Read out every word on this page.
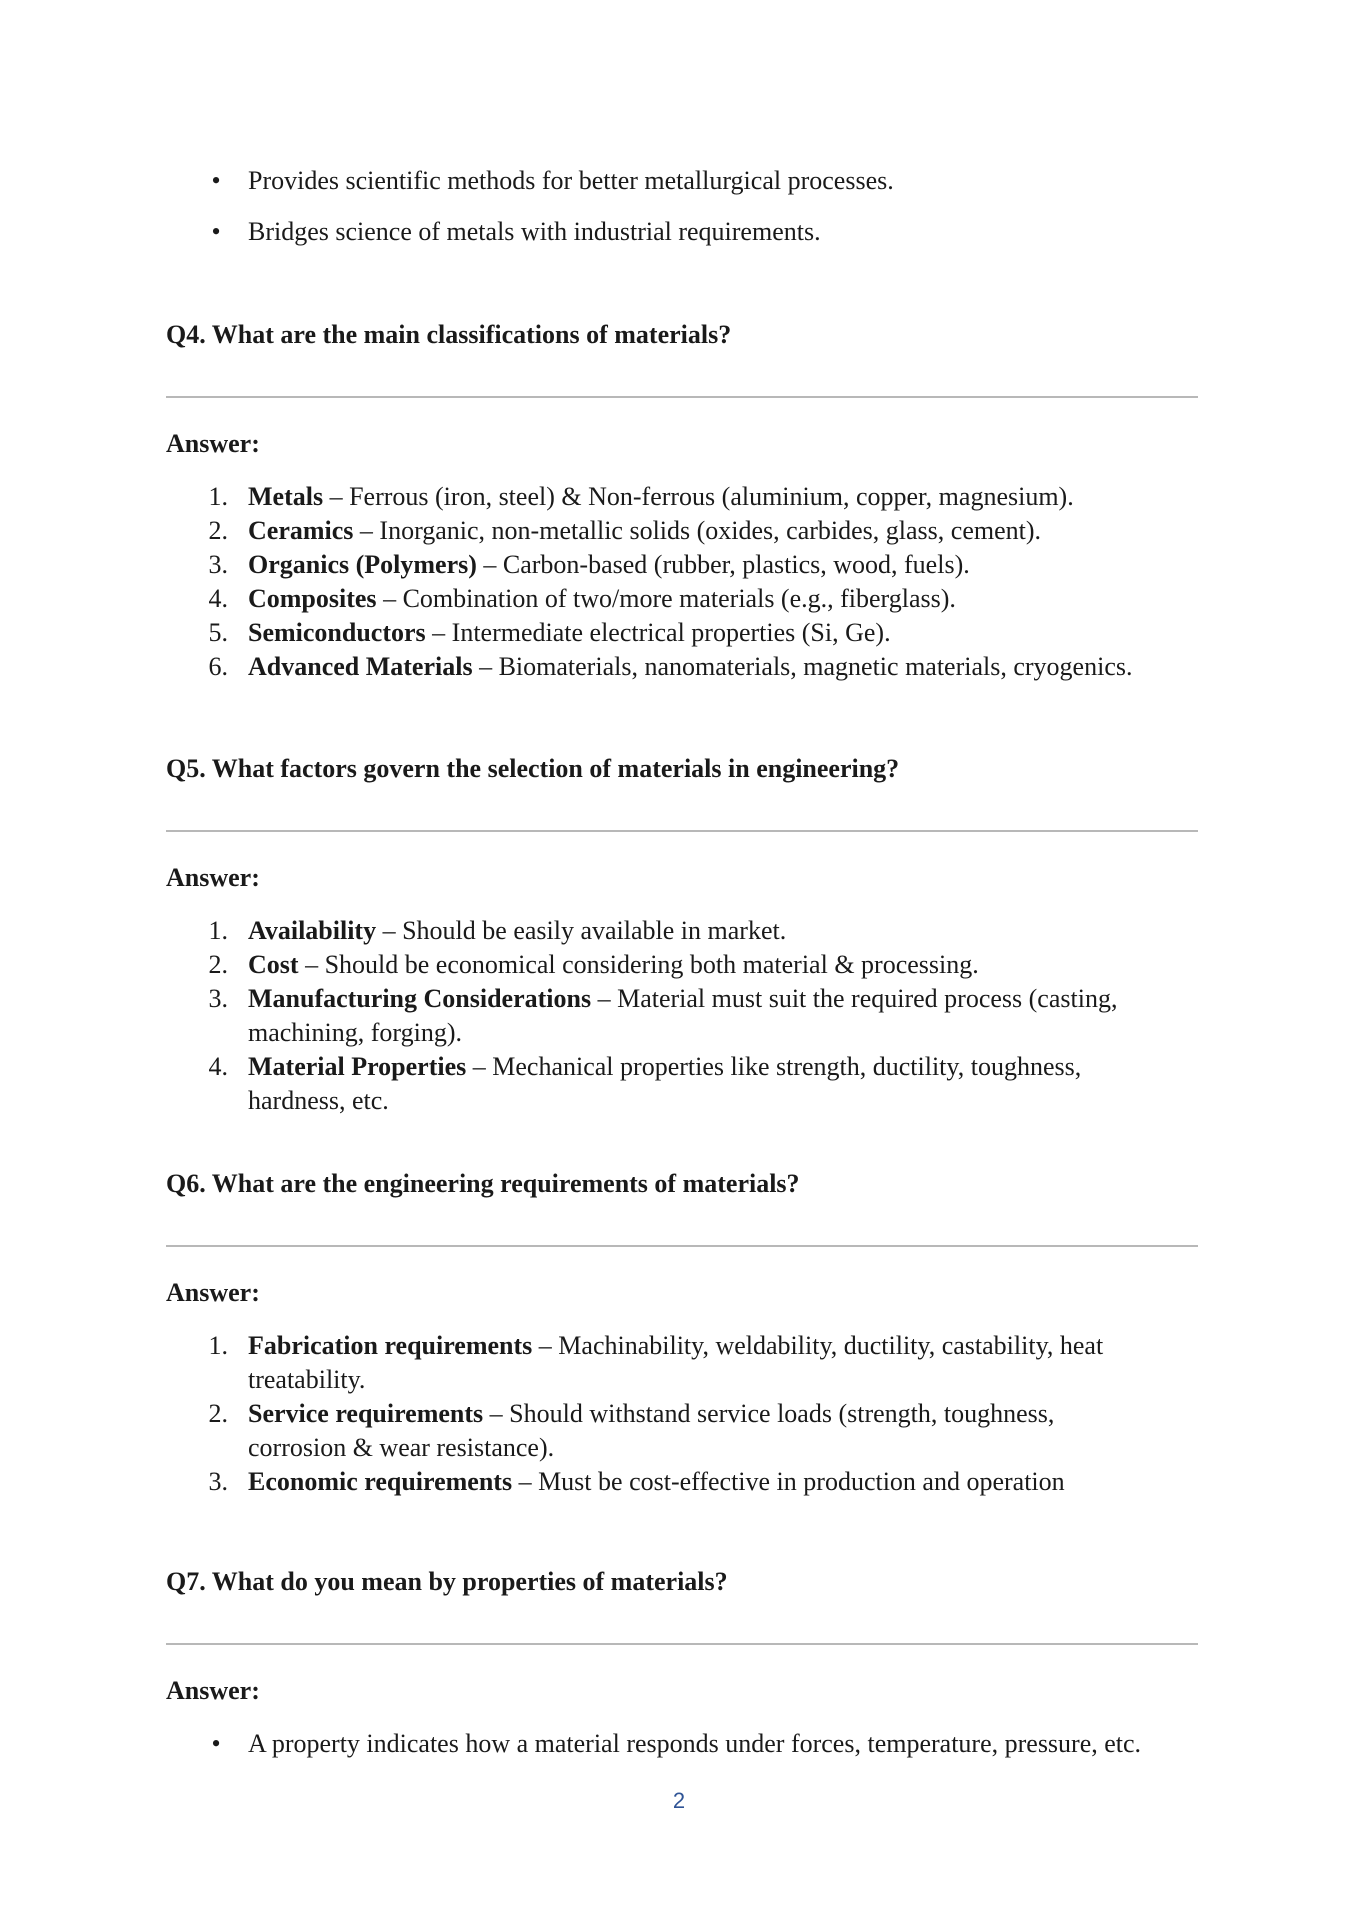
• Provides scientific methods for better metallurgical processes.
• Bridges science of metals with industrial requirements.
Q4. What are the main classifications of materials?
Answer:
1. Metals – Ferrous (iron, steel) & Non-ferrous (aluminium, copper, magnesium).
2. Ceramics – Inorganic, non-metallic solids (oxides, carbides, glass, cement).
3. Organics (Polymers) – Carbon-based (rubber, plastics, wood, fuels).
4. Composites – Combination of two/more materials (e.g., fiberglass).
5. Semiconductors – Intermediate electrical properties (Si, Ge).
6. Advanced Materials – Biomaterials, nanomaterials, magnetic materials, cryogenics.
Q5. What factors govern the selection of materials in engineering?
Answer:
1. Availability – Should be easily available in market.
2. Cost – Should be economical considering both material & processing.
3. Manufacturing Considerations – Material must suit the required process (casting,
machining, forging).
4. Material Properties – Mechanical properties like strength, ductility, toughness,
hardness, etc.
Q6. What are the engineering requirements of materials?
Answer:
1. Fabrication requirements – Machinability, weldability, ductility, castability, heat
treatability.
2. Service requirements – Should withstand service loads (strength, toughness,
corrosion & wear resistance).
3. Economic requirements – Must be cost-effective in production and operation
Q7. What do you mean by properties of materials?
Answer:
• A property indicates how a material responds under forces, temperature, pressure, etc.
2
